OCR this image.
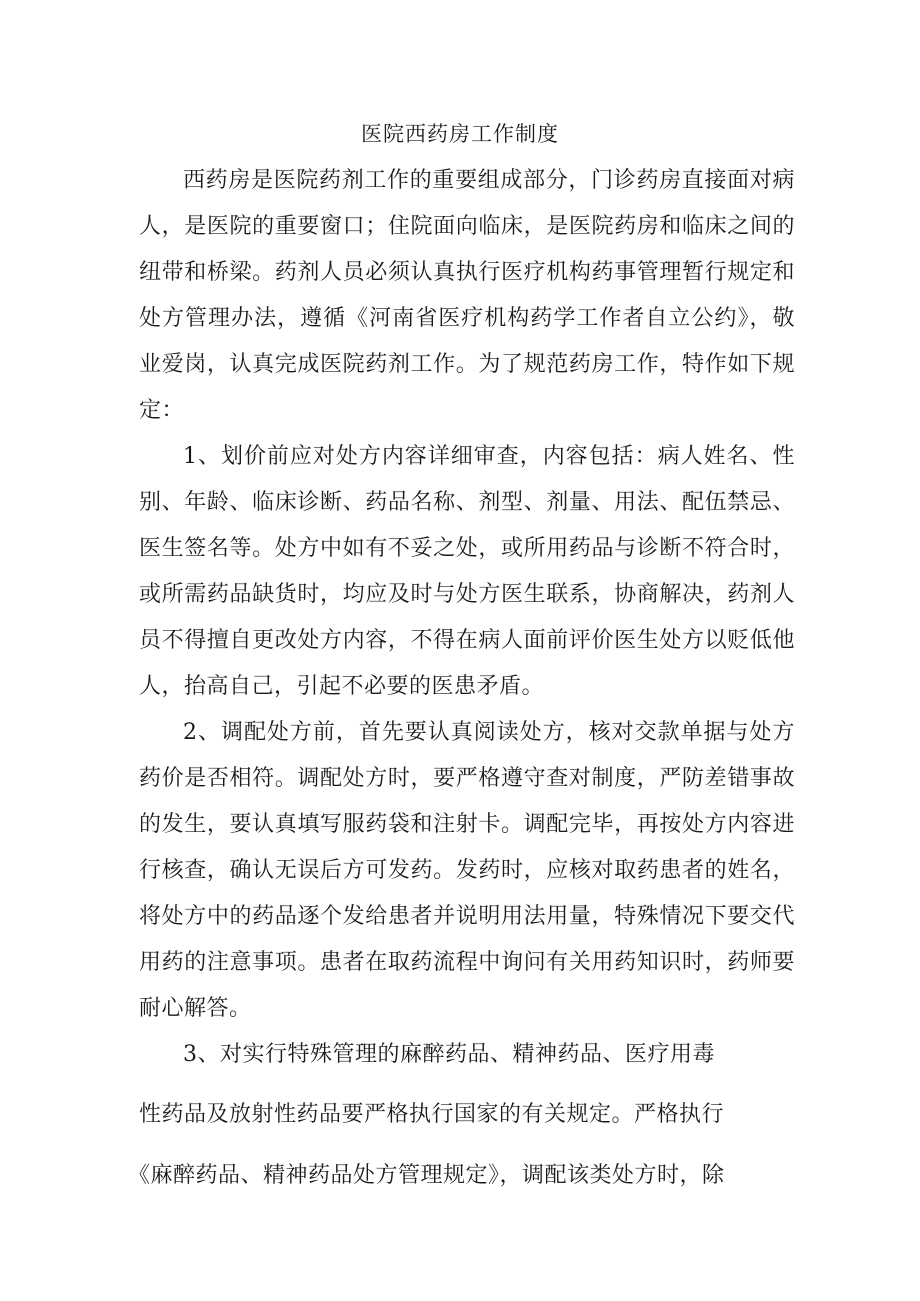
医院西药房工作制度

西药房是医院药剂工作的重要组成部分，门诊药房直接面对病人，是医院的重要窗口；住院面向临床，是医院药房和临床之间的纽带和桥梁。药剂人员必须认真执行医疗机构药事管理暂行规定和处方管理办法，遵循《河南省医疗机构药学工作者自立公约》，敬业爱岗，认真完成医院药剂工作。为了规范药房工作，特作如下规定：

1、划价前应对处方内容详细审查，内容包括：病人姓名、性别、年龄、临床诊断、药品名称、剂型、剂量、用法、配伍禁忌、医生签名等。处方中如有不妥之处，或所用药品与诊断不符合时，或所需药品缺货时，均应及时与处方医生联系，协商解决，药剂人员不得擅自更改处方内容，不得在病人面前评价医生处方以贬低他人，抬高自己，引起不必要的医患矛盾。

2、调配处方前，首先要认真阅读处方，核对交款单据与处方药价是否相符。调配处方时，要严格遵守查对制度，严防差错事故的发生，要认真填写服药袋和注射卡。调配完毕，再按处方内容进行核查，确认无误后方可发药。发药时，应核对取药患者的姓名，将处方中的药品逐个发给患者并说明用法用量，特殊情况下要交代用药的注意事项。患者在取药流程中询问有关用药知识时，药师要耐心解答。

3、对实行特殊管理的麻醉药品、精神药品、医疗用毒
性药品及放射性药品要严格执行国家的有关规定。严格执行
《麻醉药品、精神药品处方管理规定》，调配该类处方时，除
